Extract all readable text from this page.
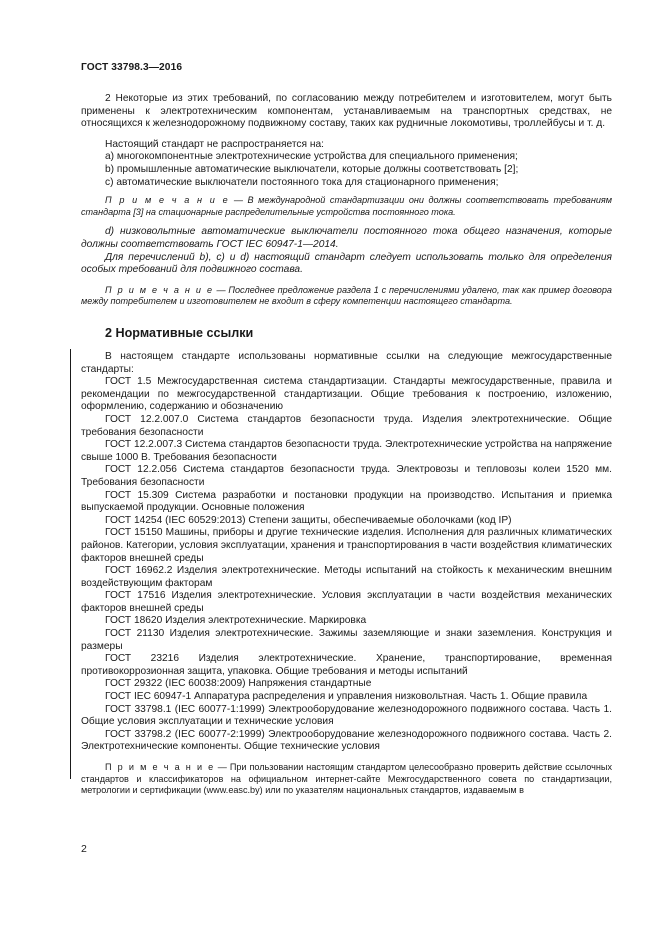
ГОСТ 33798.3—2016

2 Некоторые из этих требований, по согласованию между потребителем и изготовителем, могут быть применены к электротехническим компонентам, устанавливаемым на транспортных средствах, не относящихся к железнодорожному подвижному составу, таких как рудничные локомотивы, троллейбусы и т. д.

Настоящий стандарт не распространяется на:

a) многокомпонентные электротехнические устройства для специального применения;

b) промышленные автоматические выключатели, которые должны соответствовать [2];

c) автоматические выключатели постоянного тока для стационарного применения;

П р и м е ч а н и е — В международной стандартизации они должны соответствовать требованиям стандарта [3] на стационарные распределительные устройства постоянного тока.

d) низковольтные автоматические выключатели постоянного тока общего назначения, которые должны соответствовать ГОСТ IEC 60947-1—2014.

Для перечислений b), c) и d) настоящий стандарт следует использовать только для определения особых требований для подвижного состава.

П р и м е ч а н и е — Последнее предложение раздела 1 с перечислениями удалено, так как пример договора между потребителем и изготовителем не входит в сферу компетенции настоящего стандарта.

2 Нормативные ссылки

В настоящем стандарте использованы нормативные ссылки на следующие межгосударственные стандарты:

ГОСТ 1.5 Межгосударственная система стандартизации. Стандарты межгосударственные, правила и рекомендации по межгосударственной стандартизации. Общие требования к построению, изложению, оформлению, содержанию и обозначению

ГОСТ 12.2.007.0 Система стандартов безопасности труда. Изделия электротехнические. Общие требования безопасности

ГОСТ 12.2.007.3 Система стандартов безопасности труда. Электротехнические устройства на напряжение свыше 1000 В. Требования безопасности

ГОСТ 12.2.056 Система стандартов безопасности труда. Электровозы и тепловозы колеи 1520 мм. Требования безопасности

ГОСТ 15.309 Система разработки и постановки продукции на производство. Испытания и приемка выпускаемой продукции. Основные положения

ГОСТ 14254 (IEC 60529:2013) Степени защиты, обеспечиваемые оболочками (код IP)

ГОСТ 15150 Машины, приборы и другие технические изделия. Исполнения для различных климатических районов. Категории, условия эксплуатации, хранения и транспортирования в части воздействия климатических факторов внешней среды

ГОСТ 16962.2 Изделия электротехнические. Методы испытаний на стойкость к механическим внешним воздействующим факторам

ГОСТ 17516 Изделия электротехнические. Условия эксплуатации в части воздействия механических факторов внешней среды

ГОСТ 18620 Изделия электротехнические. Маркировка

ГОСТ 21130 Изделия электротехнические. Зажимы заземляющие и знаки заземления. Конструкция и размеры

ГОСТ 23216 Изделия электротехнические. Хранение, транспортирование, временная противокоррозионная защита, упаковка. Общие требования и методы испытаний

ГОСТ 29322 (IEC 60038:2009) Напряжения стандартные

ГОСТ IEC 60947-1 Аппаратура распределения и управления низковольтная. Часть 1. Общие правила

ГОСТ 33798.1 (IEC 60077-1:1999) Электрооборудование железнодорожного подвижного состава. Часть 1. Общие условия эксплуатации и технические условия

ГОСТ 33798.2 (IEC 60077-2:1999) Электрооборудование железнодорожного подвижного состава. Часть 2. Электротехнические компоненты. Общие технические условия

П р и м е ч а н и е — При пользовании настоящим стандартом целесообразно проверить действие ссылочных стандартов и классификаторов на официальном интернет-сайте Межгосударственного совета по стандартизации, метрологии и сертификации (www.easc.by) или по указателям национальных стандартов, издаваемым в

2
